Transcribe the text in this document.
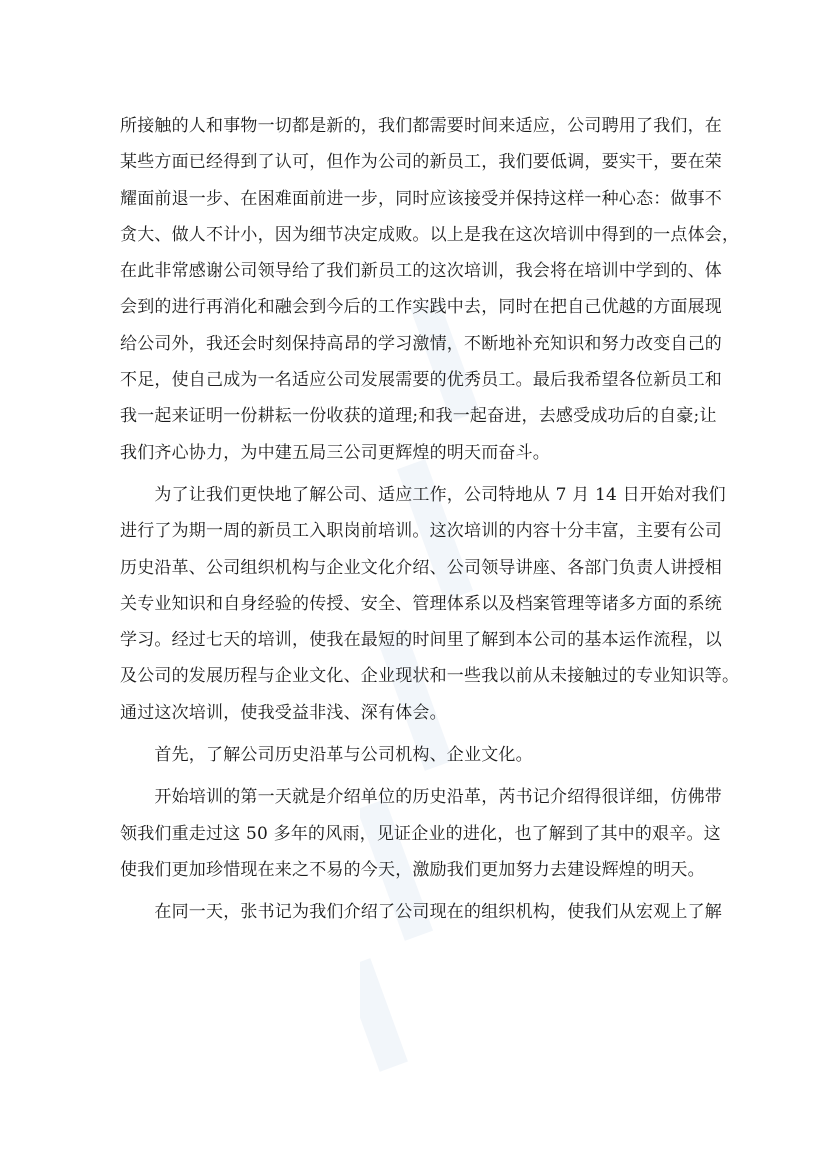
所接触的人和事物一切都是新的，我们都需要时间来适应，公司聘用了我们，在
某些方面已经得到了认可，但作为公司的新员工，我们要低调，要实干，要在荣
耀面前退一步、在困难面前进一步，同时应该接受并保持这样一种心态：做事不
贪大、做人不计小，因为细节决定成败。以上是我在这次培训中得到的一点体会，
在此非常感谢公司领导给了我们新员工的这次培训，我会将在培训中学到的、体
会到的进行再消化和融会到今后的工作实践中去，同时在把自己优越的方面展现
给公司外，我还会时刻保持高昂的学习激情，不断地补充知识和努力改变自己的
不足，使自己成为一名适应公司发展需要的优秀员工。最后我希望各位新员工和
我一起来证明一份耕耘一份收获的道理;和我一起奋进，去感受成功后的自豪;让
我们齐心协力，为中建五局三公司更辉煌的明天而奋斗。
　　为了让我们更快地了解公司、适应工作，公司特地从 7 月 14 日开始对我们
进行了为期一周的新员工入职岗前培训。这次培训的内容十分丰富，主要有公司
历史沿革、公司组织机构与企业文化介绍、公司领导讲座、各部门负责人讲授相
关专业知识和自身经验的传授、安全、管理体系以及档案管理等诸多方面的系统
学习。经过七天的培训，使我在最短的时间里了解到本公司的基本运作流程，以
及公司的发展历程与企业文化、企业现状和一些我以前从未接触过的专业知识等。
通过这次培训，使我受益非浅、深有体会。
　　首先，了解公司历史沿革与公司机构、企业文化。
　　开始培训的第一天就是介绍单位的历史沿革，芮书记介绍得很详细，仿佛带
领我们重走过这 50 多年的风雨，见证企业的进化，也了解到了其中的艰辛。这
使我们更加珍惜现在来之不易的今天，激励我们更加努力去建设辉煌的明天。
　　在同一天，张书记为我们介绍了公司现在的组织机构，使我们从宏观上了解
